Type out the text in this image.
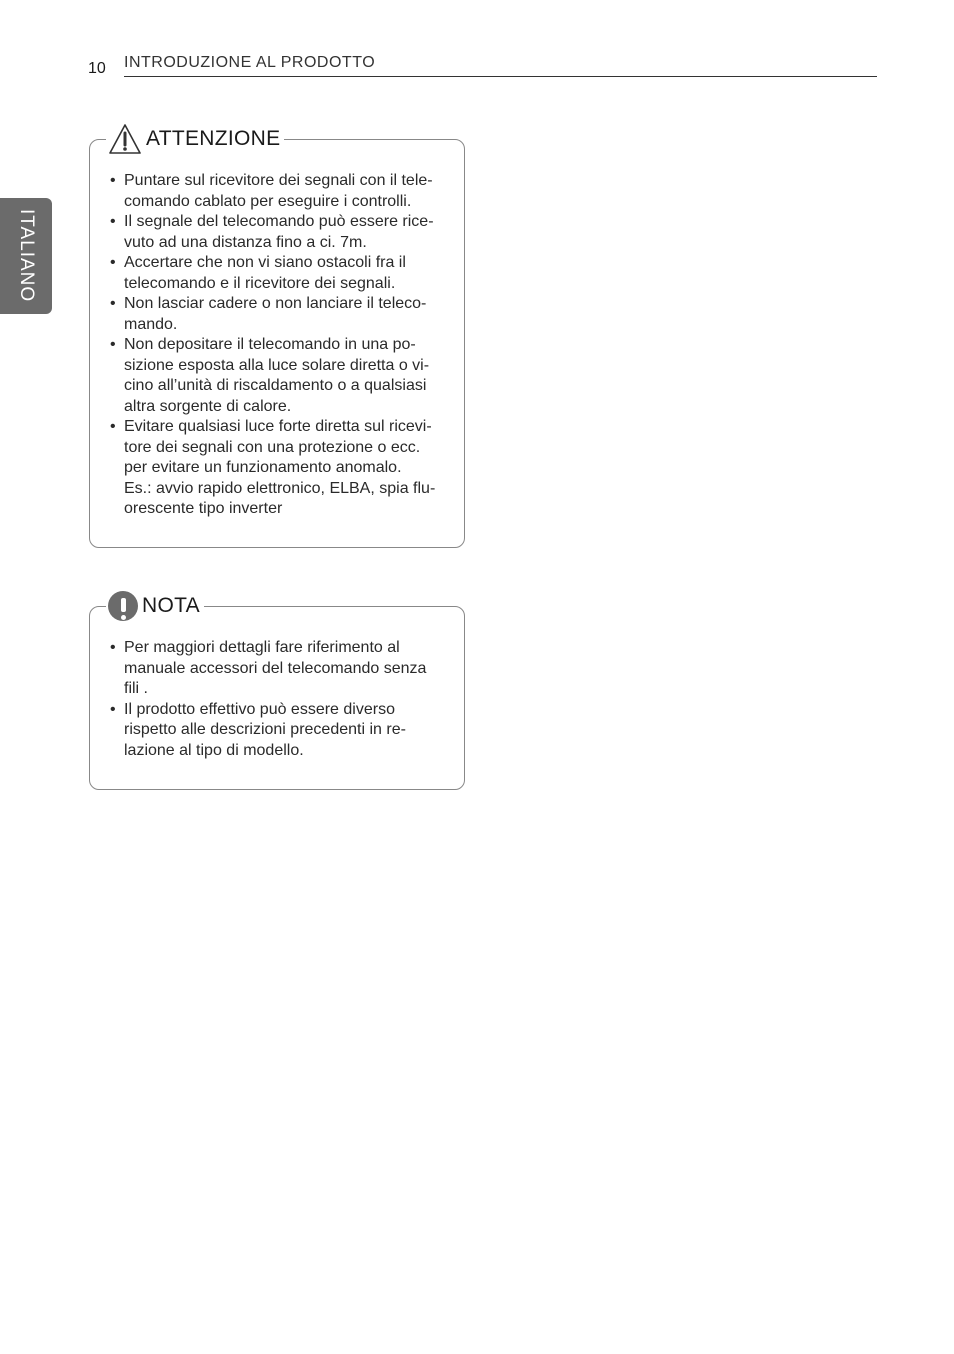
10 INTRODUZIONE AL PRODOTTO
ITALIANO
ATTENZIONE
• Puntare sul ricevitore dei segnali con il tele-
comando cablato per eseguire i controlli.
• Il segnale del telecomando può essere rice-
vuto ad una distanza fino a ci. 7m.
• Accertare che non vi siano ostacoli fra il
telecomando e il ricevitore dei segnali.
• Non lasciar cadere o non lanciare il teleco-
mando.
• Non depositare il telecomando in una po-
sizione esposta alla luce solare diretta o vi-
cino all’unità di riscaldamento o a qualsiasi
altra sorgente di calore.
• Evitare qualsiasi luce forte diretta sul ricevi-
tore dei segnali con una protezione o ecc.
per evitare un funzionamento anomalo.
Es.: avvio rapido elettronico, ELBA, spia flu-
orescente tipo inverter
NOTA
• Per maggiori dettagli fare riferimento al
manuale accessori del telecomando senza
fili .
• Il prodotto effettivo può essere diverso
rispetto alle descrizioni precedenti in re-
lazione al tipo di modello.
